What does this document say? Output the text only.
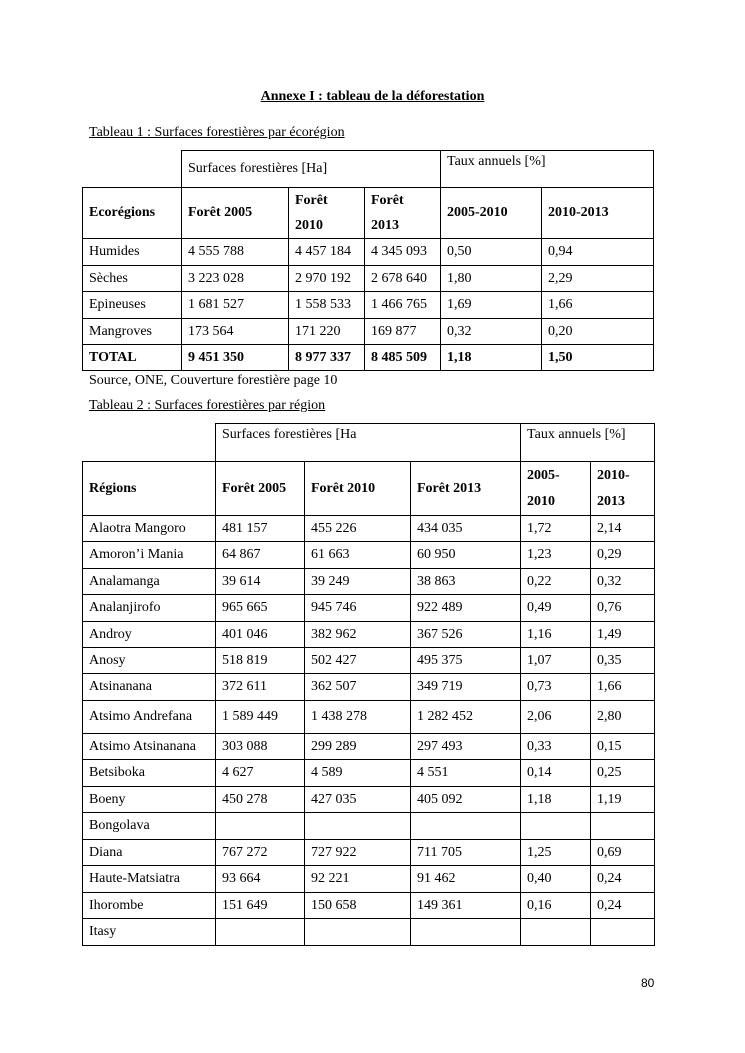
Annexe I : tableau de la déforestation
Tableau 1 : Surfaces forestières par écorégion
	Surfaces forestières [Ha]			Taux annuels [%]	
Ecorégions	Forêt 2005	Forêt 2010	Forêt 2013	2005-2010	2010-2013
Humides	4 555 788	4 457 184	4 345 093	0,50	0,94
Sèches	3 223 028	2 970 192	2 678 640	1,80	2,29
Epineuses	1 681 527	1 558 533	1 466 765	1,69	1,66
Mangroves	173 564	171 220	169 877	0,32	0,20
TOTAL	9 451 350	8 977 337	8 485 509	1,18	1,50
Source, ONE, Couverture forestière page 10
Tableau 2 : Surfaces forestières par région
	Surfaces forestières [Ha			Taux annuels [%]	
Régions	Forêt 2005	Forêt 2010	Forêt 2013	2005-2010	2010-2013
Alaotra Mangoro	481 157	455 226	434 035	1,72	2,14
Amoron’i Mania	64 867	61 663	60 950	1,23	0,29
Analamanga	39 614	39 249	38 863	0,22	0,32
Analanjirofo	965 665	945 746	922 489	0,49	0,76
Androy	401 046	382 962	367 526	1,16	1,49
Anosy	518 819	502 427	495 375	1,07	0,35
Atsinanana	372 611	362 507	349 719	0,73	1,66
Atsimo Andrefana	1 589 449	1 438 278	1 282 452	2,06	2,80
Atsimo Atsinanana	303 088	299 289	297 493	0,33	0,15
Betsiboka	4 627	4 589	4 551	0,14	0,25
Boeny	450 278	427 035	405 092	1,18	1,19
Bongolava					
Diana	767 272	727 922	711 705	1,25	0,69
Haute-Matsiatra	93 664	92 221	91 462	0,40	0,24
Ihorombe	151 649	150 658	149 361	0,16	0,24
Itasy					
80
